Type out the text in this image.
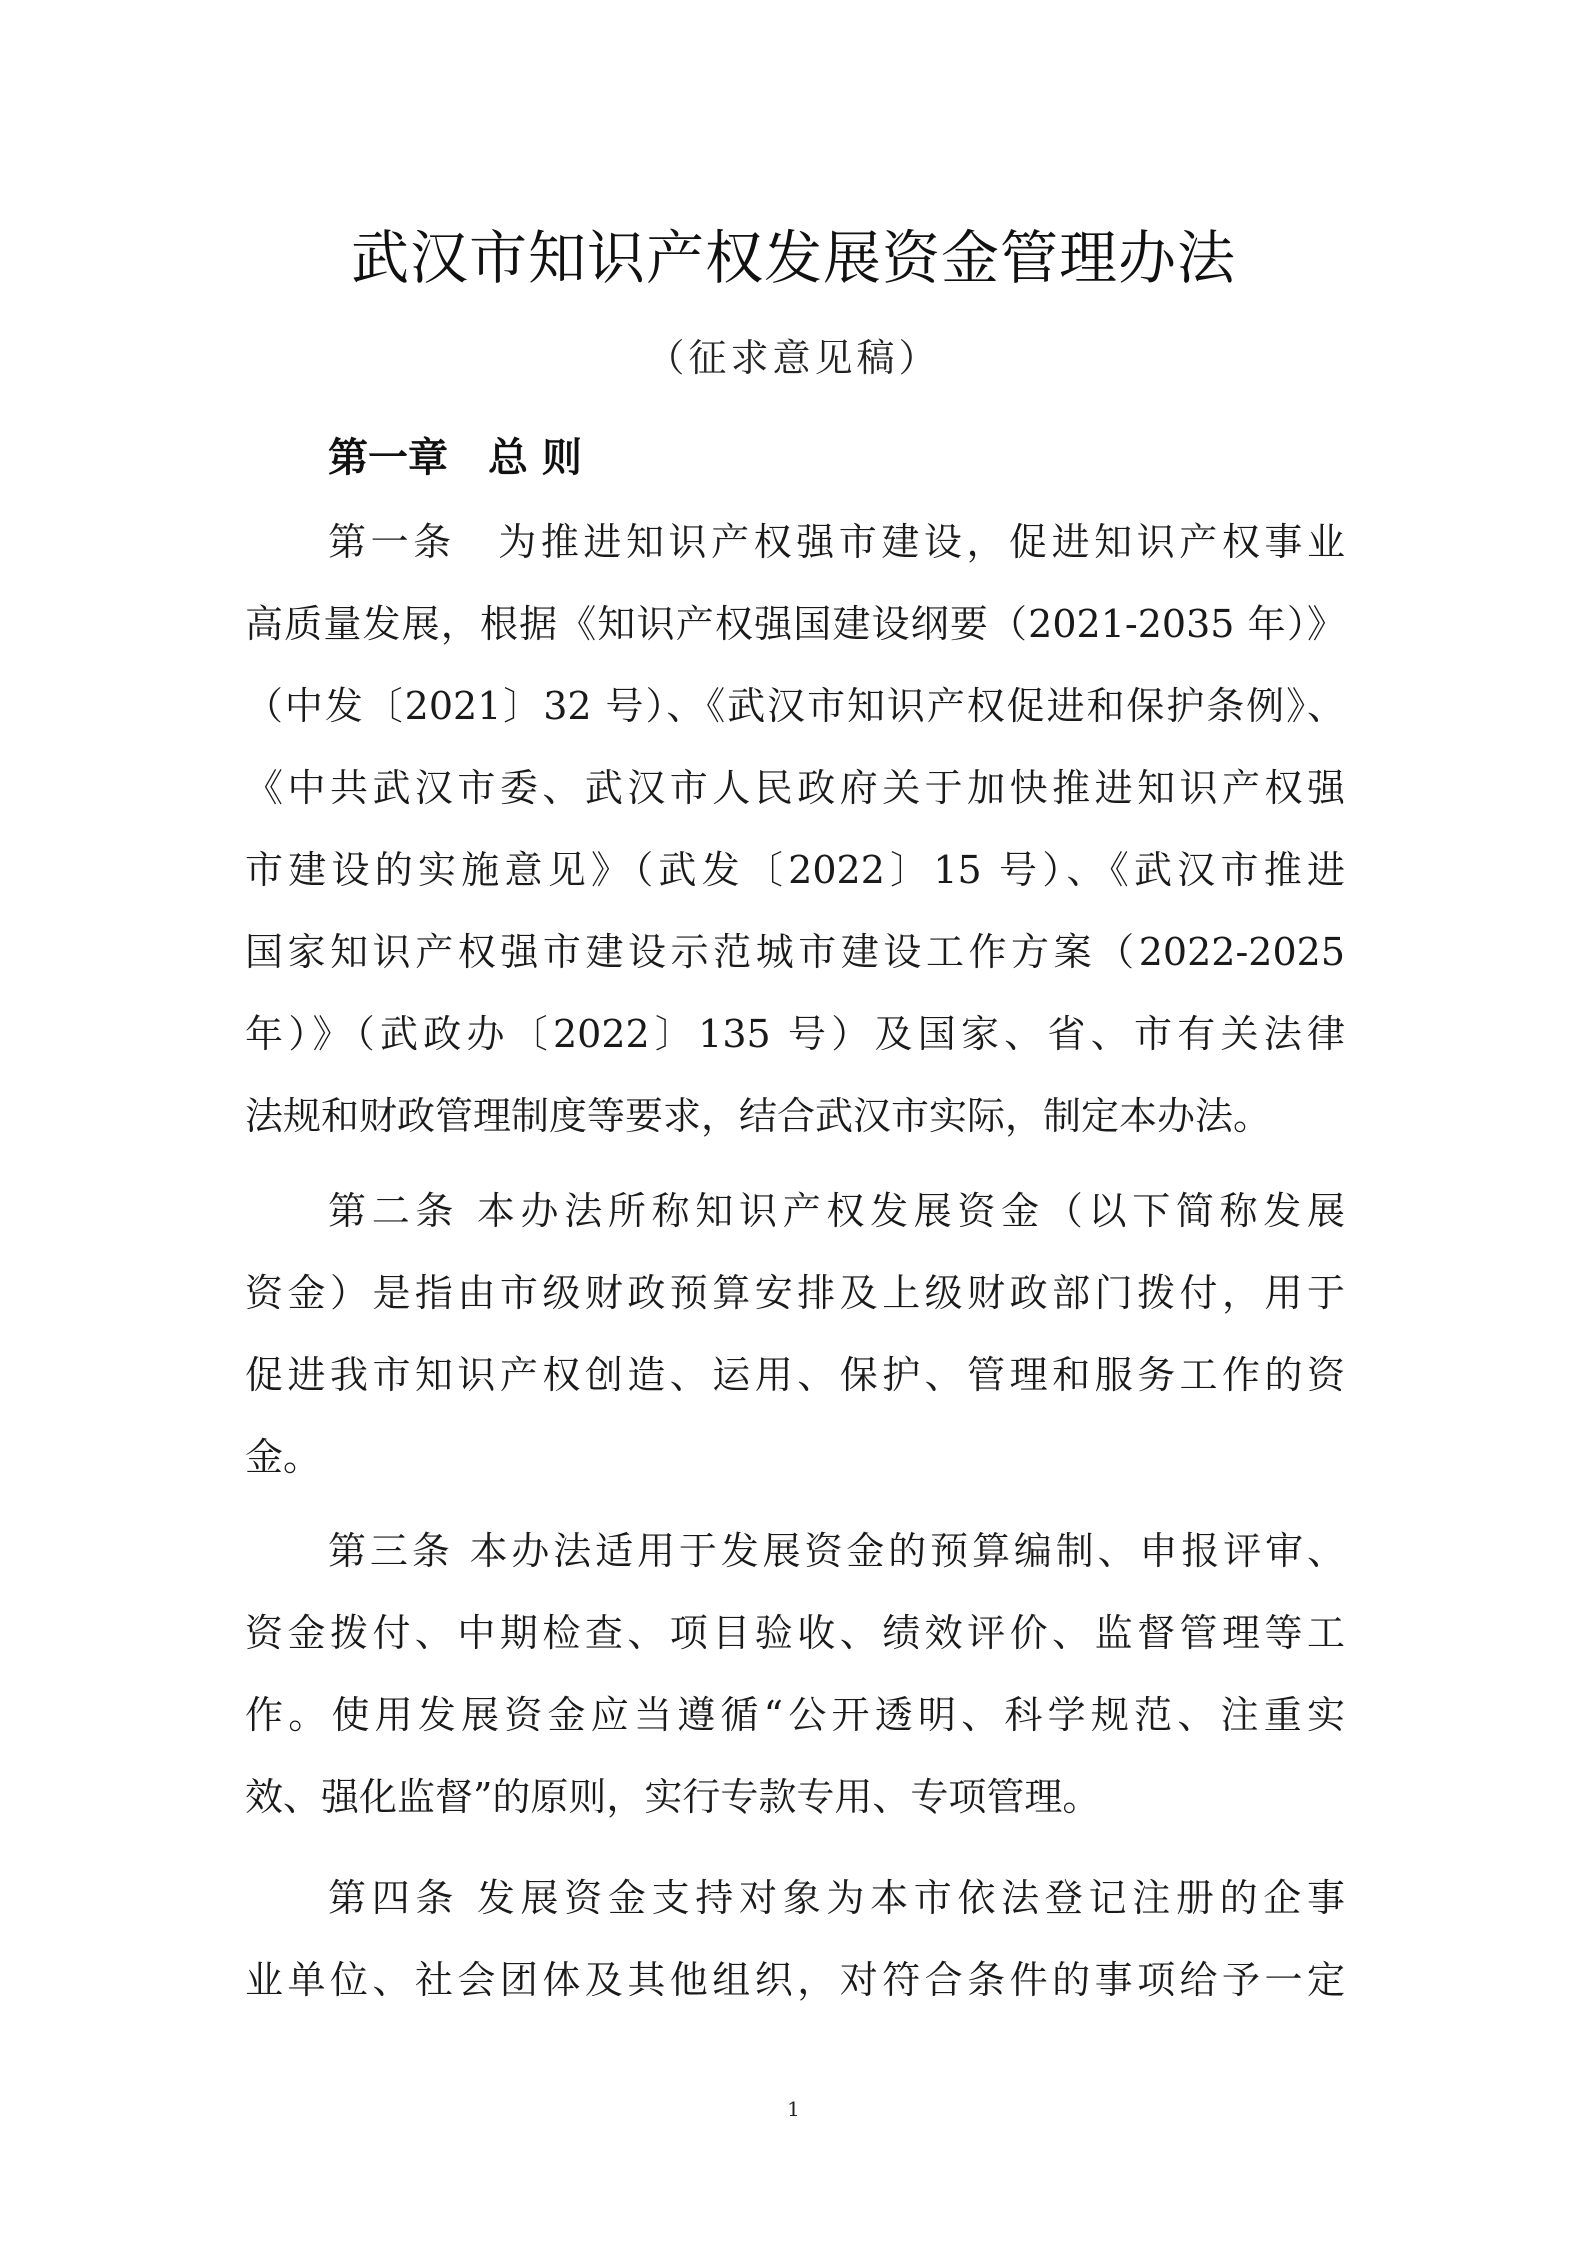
武汉市知识产权发展资金管理办法
（征求意见稿）
第一章　总 则
第一条　为推进知识产权强市建设，促进知识产权事业
高质量发展，根据《知识产权强国建设纲要（2021-2035 年）》
（中发〔2021〕32 号）、《武汉市知识产权促进和保护条例》、
《中共武汉市委、武汉市人民政府关于加快推进知识产权强
市建设的实施意见》（武发〔2022〕15 号）、《武汉市推进
国家知识产权强市建设示范城市建设工作方案（2022-2025
年）》（武政办〔2022〕135 号）及国家、省、市有关法律
法规和财政管理制度等要求，结合武汉市实际，制定本办法。
第二条 本办法所称知识产权发展资金（以下简称发展
资金）是指由市级财政预算安排及上级财政部门拨付，用于
促进我市知识产权创造、运用、保护、管理和服务工作的资
金。
第三条 本办法适用于发展资金的预算编制、申报评审、
资金拨付、中期检查、项目验收、绩效评价、监督管理等工
作。使用发展资金应当遵循“公开透明、科学规范、注重实
效、强化监督”的原则，实行专款专用、专项管理。
第四条 发展资金支持对象为本市依法登记注册的企事
业单位、社会团体及其他组织，对符合条件的事项给予一定
1
